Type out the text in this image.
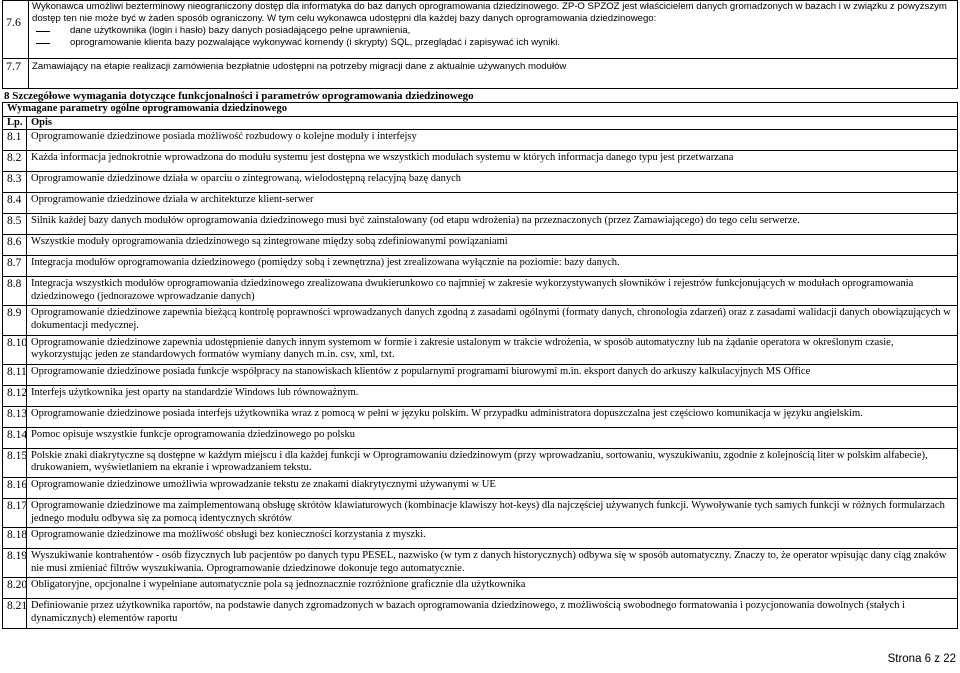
7.6	Wykonawca umożliwi bezterminowy nieograniczony dostęp dla informatyka do baz danych oprogramowania dziedzinowego. ZP-O SPZOZ jest właścicielem danych gromadzonych w bazach i w związku z powyższym dostęp ten nie może być w żaden sposób ograniczony. W tym celu wykonawca udostępni dla każdej bazy danych oprogramowania dziedzinowego:
dane użytkownika (login i hasło) bazy danych posiadającego pełne uprawnienia,
oprogramowanie klienta bazy pozwalające wykonywać komendy (i skrypty) SQL, przeglądać i zapisywać ich wyniki.

7.7	Zamawiający na etapie realizacji zamówienia bezpłatnie udostępni na potrzeby migracji dane z aktualnie używanych modułów
8 Szczegółowe wymagania dotyczące funkcjonalności i parametrów oprogramowania dziedzinowego
Wymagane parametry ogólne oprogramowania dziedzinowego	
Lp.	Opis
8.1	Oprogramowanie dziedzinowe posiada możliwość rozbudowy o kolejne moduły i interfejsy
8.2	Każda informacja jednokrotnie wprowadzona do modułu systemu jest dostępna we wszystkich modułach systemu w których informacja danego typu jest przetwarzana
8.3	Oprogramowanie dziedzinowe działa w oparciu o zintegrowaną, wielodostępną relacyjną bazę danych
8.4	Oprogramowanie dziedzinowe działa w architekturze klient-serwer
8.5	Silnik każdej bazy danych modułów oprogramowania dziedzinowego musi być zainstalowany (od etapu wdrożenia) na przeznaczonych (przez Zamawiającego) do tego celu serwerze.
8.6	Wszystkie moduły oprogramowania dziedzinowego są zintegrowane między sobą zdefiniowanymi powiązaniami
8.7	Integracja modułów oprogramowania dziedzinowego (pomiędzy sobą i zewnętrzna) jest zrealizowana wyłącznie na poziomie: bazy danych.
8.8	Integracja wszystkich modułów oprogramowania dziedzinowego zrealizowana dwukierunkowo co najmniej w zakresie wykorzystywanych słowników i rejestrów funkcjonujących w modułach oprogramowania dziedzinowego (jednorazowe wprowadzanie danych)
8.9	Oprogramowanie dziedzinowe zapewnia bieżącą kontrolę poprawności wprowadzanych danych zgodną z zasadami ogólnymi (formaty danych, chronologia zdarzeń) oraz z zasadami walidacji danych obowiązujących w dokumentacji medycznej.
8.10	Oprogramowanie dziedzinowe zapewnia udostępnienie danych innym systemom w formie i zakresie ustalonym w trakcie wdrożenia, w sposób automatyczny lub na żądanie operatora w określonym czasie, wykorzystując jeden ze standardowych formatów wymiany danych m.in. csv, xml, txt.
8.11	Oprogramowanie dziedzinowe posiada funkcje współpracy na stanowiskach klientów z popularnymi programami biurowymi m.in. eksport danych do arkuszy kalkulacyjnych MS Office
8.12	Interfejs użytkownika jest oparty na standardzie Windows lub równoważnym.
8.13	Oprogramowanie dziedzinowe posiada interfejs użytkownika wraz z pomocą w pełni w języku polskim. W przypadku administratora dopuszczalna jest częściowo komunikacja w języku angielskim.
8.14	Pomoc opisuje wszystkie funkcje oprogramowania dziedzinowego po polsku
8.15	Polskie znaki diakrytyczne są dostępne w każdym miejscu i dla każdej funkcji w Oprogramowaniu dziedzinowym (przy wprowadzaniu, sortowaniu, wyszukiwaniu, zgodnie z kolejnością liter w polskim alfabecie), drukowaniem, wyświetlaniem na ekranie i wprowadzaniem tekstu.
8.16	Oprogramowanie dziedzinowe umożliwia wprowadzanie tekstu ze znakami diakrytycznymi używanymi w UE
8.17	Oprogramowanie dziedzinowe ma zaimplementowaną obsługę skrótów klawiaturowych (kombinacje klawiszy hot-keys) dla najczęściej używanych funkcji. Wywoływanie tych samych funkcji w różnych formularzach jednego modułu odbywa się za pomocą identycznych skrótów
8.18	Oprogramowanie dziedzinowe ma możliwość obsługi bez konieczności korzystania z myszki.
8.19	Wyszukiwanie kontrahentów - osób fizycznych lub pacjentów po danych typu PESEL, nazwisko (w tym z danych historycznych) odbywa się w sposób automatyczny. Znaczy to, że operator wpisując dany ciąg znaków nie musi zmieniać filtrów wyszukiwania. Oprogramowanie dziedzinowe dokonuje tego automatycznie.
8.20	Obligatoryjne, opcjonalne i wypełniane automatycznie pola są jednoznacznie rozróżnione graficznie dla użytkownika
8.21	Definiowanie przez użytkownika raportów, na podstawie danych zgromadzonych w bazach oprogramowania dziedzinowego, z możliwością swobodnego formatowania i pozycjonowania dowolnych (stałych i dynamicznych) elementów raportu
Strona 6 z 22
